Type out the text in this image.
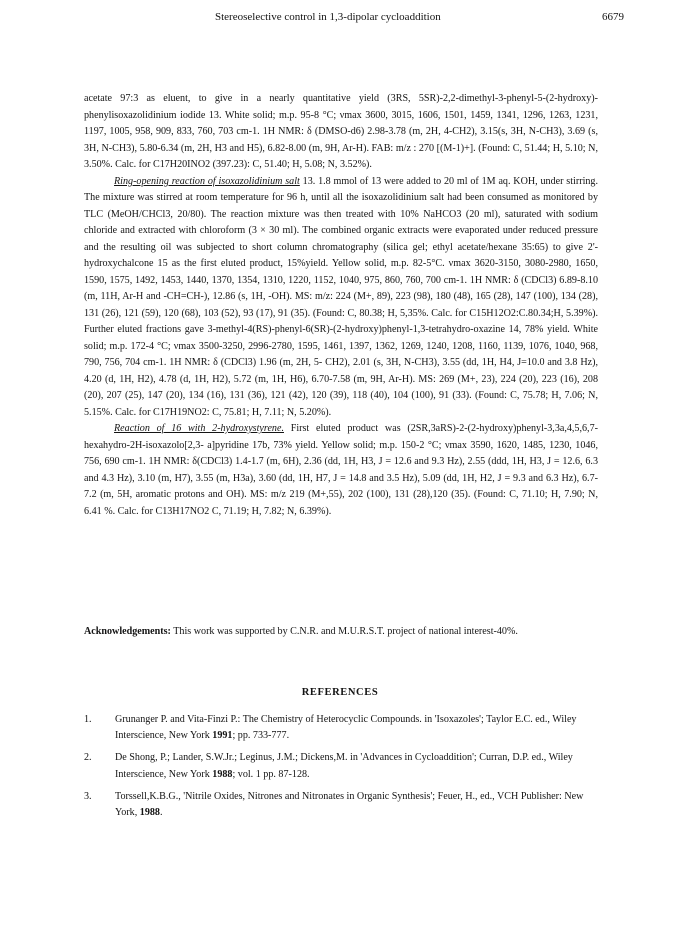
Stereoselective control in 1,3-dipolar cycloaddition	6679

acetate 97:3 as eluent, to give in a nearly quantitative yield (3RS, 5SR)-2,2-dimethyl-3-phenyl-5-(2-hydroxy)-phenylisoxazolidinium iodide 13. White solid; m.p. 95-8 °C; νmax 3600, 3015, 1606, 1501, 1459, 1341, 1296, 1263, 1231, 1197, 1005, 958, 909, 833, 760, 703 cm-1. 1H NMR: δ (DMSO-d6) 2.98-3.78 (m, 2H, 4-CH2), 3.15(s, 3H, N-CH3), 3.69 (s, 3H, N-CH3), 5.80-6.34 (m, 2H, H3 and H5), 6.82-8.00 (m, 9H, Ar-H). FAB: m/z : 270 [(M-1)+]. (Found: C, 51.44; H, 5.10; N, 3.50%. Calc. for C17H20INO2 (397.23): C, 51.40; H, 5.08; N, 3.52%).

Ring-opening reaction of isoxazolidinium salt 13. 1.8 mmol of 13 were added to 20 ml of 1M aq. KOH, under stirring. The mixture was stirred at room temperature for 96 h, until all the isoxazolidinium salt had been consumed as monitored by TLC (MeOH/CHCl3, 20/80). The reaction mixture was then treated with 10% NaHCO3 (20 ml), saturated with sodium chloride and extracted with chloroform (3 × 30 ml). The combined organic extracts were evaporated under reduced pressure and the resulting oil was subjected to short column chromatography (silica gel; ethyl acetate/hexane 35:65) to give 2'-hydroxychalcone 15 as the first eluted product, 15%yield. Yellow solid, m.p. 82-5°C. νmax 3620-3150, 3080-2980, 1650, 1590, 1575, 1492, 1453, 1440, 1370, 1354, 1310, 1220, 1152, 1040, 975, 860, 760, 700 cm-1. 1H NMR: δ (CDCl3) 6.89-8.10 (m, 11H, Ar-H and -CH=CH-), 12.86 (s, 1H, -OH). MS: m/z: 224 (M+, 89), 223 (98), 180 (48), 165 (28), 147 (100), 134 (28), 131 (26), 121 (59), 120 (68), 103 (52), 93 (17), 91 (35). (Found: C, 80.38; H, 5,35%. Calc. for C15H12O2:C.80.34;H, 5.39%). Further eluted fractions gave 3-methyl-4(RS)-phenyl-6(SR)-(2-hydroxy)phenyl-1,3-tetrahydro-oxazine 14, 78% yield. White solid; m.p. 172-4 °C; νmax 3500-3250, 2996-2780, 1595, 1461, 1397, 1362, 1269, 1240, 1208, 1160, 1139, 1076, 1040, 968, 790, 756, 704 cm-1. 1H NMR: δ (CDCl3) 1.96 (m, 2H, 5- CH2), 2.01 (s, 3H, N-CH3), 3.55 (dd, 1H, H4, J=10.0 and 3.8 Hz), 4.20 (d, 1H, H2), 4.78 (d, 1H, H2), 5.72 (m, 1H, H6), 6.70-7.58 (m, 9H, Ar-H). MS: 269 (M+, 23), 224 (20), 223 (16), 208 (20), 207 (25), 147 (20), 134 (16), 131 (36), 121 (42), 120 (39), 118 (40), 104 (100), 91 (33). (Found: C, 75.78; H, 7.06; N, 5.15%. Calc. for C17H19NO2: C, 75.81; H, 7.11; N, 5.20%).

Reaction of 16 with 2-hydroxystyrene. First eluted product was (2SR,3aRS)-2-(2-hydroxy)phenyl-3,3a,4,5,6,7-hexahydro-2H-isoxazolo[2,3- a]pyridine 17b, 73% yield. Yellow solid; m.p. 150-2 °C; νmax 3590, 1620, 1485, 1230, 1046, 756, 690 cm-1. 1H NMR: δ(CDCl3) 1.4-1.7 (m, 6H), 2.36 (dd, 1H, H3, J = 12.6 and 9.3 Hz), 2.55 (ddd, 1H, H3, J = 12.6, 6.3 and 4.3 Hz), 3.10 (m, H7), 3.55 (m, H3a), 3.60 (dd, 1H, H7, J = 14.8 and 3.5 Hz), 5.09 (dd, 1H, H2, J = 9.3 and 6.3 Hz), 6.7-7.2 (m, 5H, aromatic protons and OH). MS: m/z 219 (M+,55), 202 (100), 131 (28),120 (35). (Found: C, 71.10; H, 7.90; N, 6.41 %. Calc. for C13H17NO2 C, 71.19; H, 7.82; N, 6.39%).

Acknowledgements: This work was supported by C.N.R. and M.U.R.S.T. project of national interest-40%.
REFERENCES
1. Grunanger P. and Vita-Finzi P.: The Chemistry of Heterocyclic Compounds. in 'Isoxazoles'; Taylor E.C. ed., Wiley Interscience, New York 1991; pp. 733-777.
2. De Shong, P.; Lander, S.W.Jr.; Leginus, J.M.; Dickens,M. in 'Advances in Cycloaddition'; Curran, D.P. ed., Wiley Interscience, New York 1988; vol. 1 pp. 87-128.
3. Torssell,K.B.G., 'Nitrile Oxides, Nitrones and Nitronates in Organic Synthesis'; Feuer, H., ed., VCH Publisher: New York, 1988.
